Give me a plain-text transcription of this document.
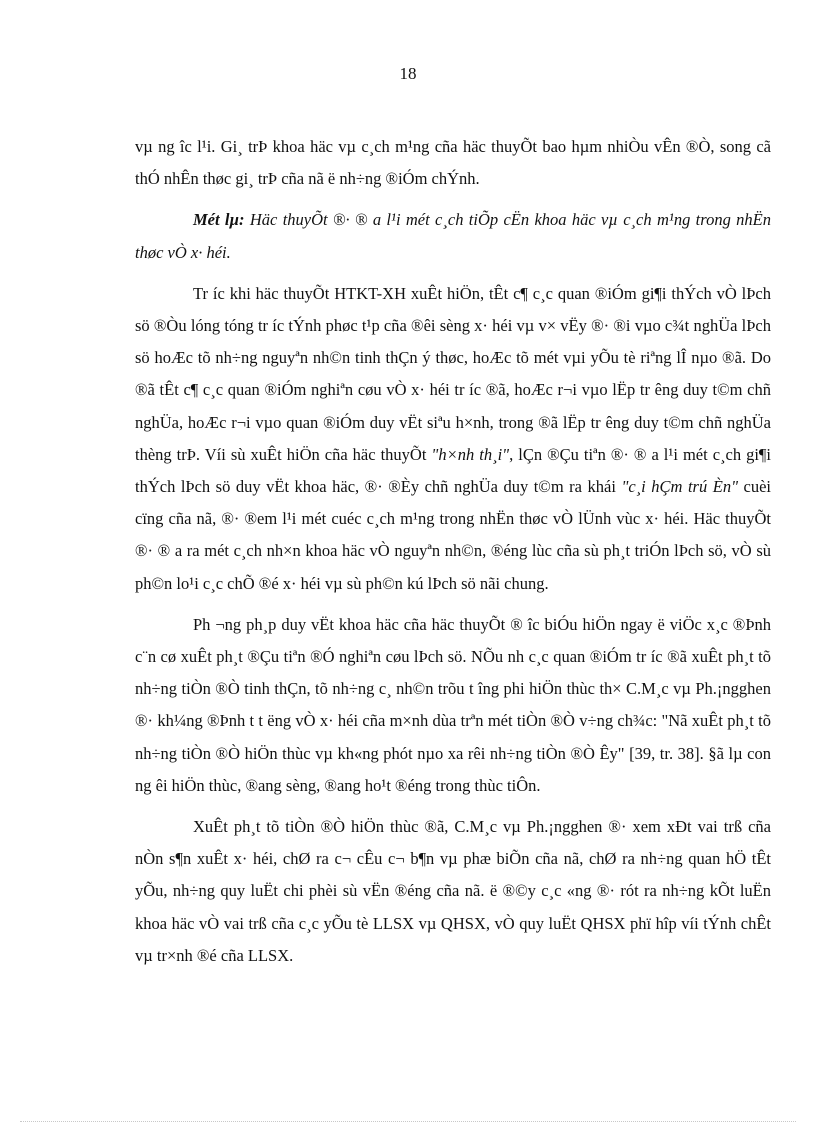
18

vµ ng îc l¹i. Gi¸ trÞ khoa häc vµ c¸ch m¹ng cña häc thuyÕt bao hµm nhiÒu vÊn ®Ò, song cã thÓ nhÊn thøc gi¸ trÞ cña nã ë nh÷ng ®iÓm chÝnh.

Mét lµ: Häc thuyÕt ®· ® a l¹i mét c¸ch tiÕp cËn khoa häc vµ c¸ch m¹ng trong nhËn thøc vÒ x· héi.

Tr íc khi häc thuyÕt HTKT-XH xuÊt hiÖn, tÊt c¶ c¸c quan ®iÓm gi¶i thÝch vÒ lÞch sö ®Òu lóng tóng tr íc tÝnh phøc t¹p cña ®êi sèng x· héi vµ v× vËy ®· ®i vµo c¾t nghÜa lÞch sö hoÆc tõ nh÷ng nguyªn nh©n tinh thÇn ý thøc, hoÆc tõ mét vµi yÕu tè riªng lÎ nµo ®ã. Do ®ã tÊt c¶ c¸c quan ®iÓm nghiªn cøu vÒ x· héi tr íc ®ã, hoÆc r¬i vµo lËp tr êng duy t©m chñ nghÜa, hoÆc r¬i vµo quan ®iÓm duy vËt siªu h×nh, trong ®ã lËp tr êng duy t©m chñ nghÜa thèng trÞ. Víi sù xuÊt hiÖn cña häc thuyÕt "h×nh th¸i", lÇn ®Çu tiªn ®· ® a l¹i mét c¸ch gi¶i thÝch lÞch sö duy vËt khoa häc, ®· ®Èy chñ nghÜa duy t©m ra khái "c¸i hÇm trú Èn" cuèi cïng cña nã, ®· ®em l¹i mét cuéc c¸ch m¹ng trong nhËn thøc vÒ lÜnh vùc x· héi. Häc thuyÕt ®· ® a ra mét c¸ch nh×n khoa häc vÒ nguyªn nh©n, ®éng lùc cña sù ph¸t triÓn lÞch sö, vÒ sù ph©n lo¹i c¸c chÕ ®é x· héi vµ sù ph©n kú lÞch sö nãi chung.

Ph ¬ng ph¸p duy vËt khoa häc cña häc thuyÕt ® îc biÓu hiÖn ngay ë viÖc x¸c ®Þnh c¨n cø xuÊt ph¸t ®Çu tiªn ®Ó nghiªn cøu lÞch sö. NÕu nh c¸c quan ®iÓm tr íc ®ã xuÊt ph¸t tõ nh÷ng tiÒn ®Ò tinh thÇn, tõ nh÷ng c¸ nh©n trõu t îng phi hiÖn thùc th× C.M¸c vµ Ph.¡ngghen ®· kh¼ng ®Þnh t t ëng vÒ x· héi cña m×nh dùa trªn mét tiÒn ®Ò v÷ng ch¾c: "Nã xuÊt ph¸t tõ nh÷ng tiÒn ®Ò hiÖn thùc vµ kh«ng phót nµo xa rêi nh÷ng tiÒn ®Ò Êy" [39, tr. 38]. §ã lµ con ng êi hiÖn thùc, ®ang sèng, ®ang ho¹t ®éng trong thùc tiÔn.

XuÊt ph¸t tõ tiÒn ®Ò hiÖn thùc ®ã, C.M¸c vµ Ph.¡ngghen ®· xem xÐt vai trß cña nÒn s¶n xuÊt x· héi, chØ ra c¬ cÊu c¬ b¶n vµ phæ biÕn cña nã, chØ ra nh÷ng quan hÖ tÊt yÕu, nh÷ng quy luËt chi phèi sù vËn ®éng cña nã. ë ®©y c¸c «ng ®· rót ra nh÷ng kÕt luËn khoa häc vÒ vai trß cña c¸c yÕu tè LLSX vµ QHSX, vÒ quy luËt QHSX phï hîp víi tÝnh chÊt vµ tr×nh ®é cña LLSX.
